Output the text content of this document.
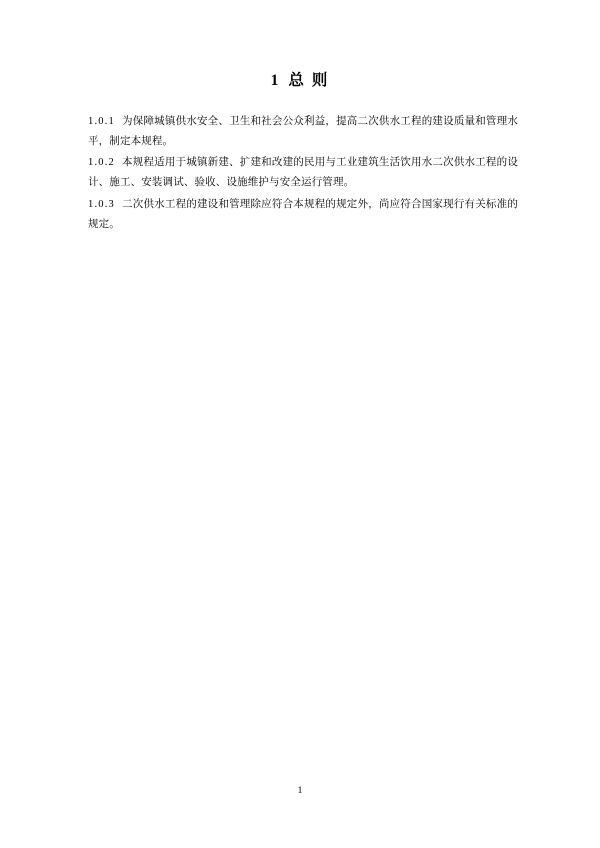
1 总则

1.0.1 为保障城镇供水安全、卫生和社会公众利益，提高二次供水工程的建设质量和管理水平，制定本规程。

1.0.2 本规程适用于城镇新建、扩建和改建的民用与工业建筑生活饮用水二次供水工程的设计、施工、安装调试、验收、设施维护与安全运行管理。

1.0.3 二次供水工程的建设和管理除应符合本规程的规定外，尚应符合国家现行有关标准的规定。

1
